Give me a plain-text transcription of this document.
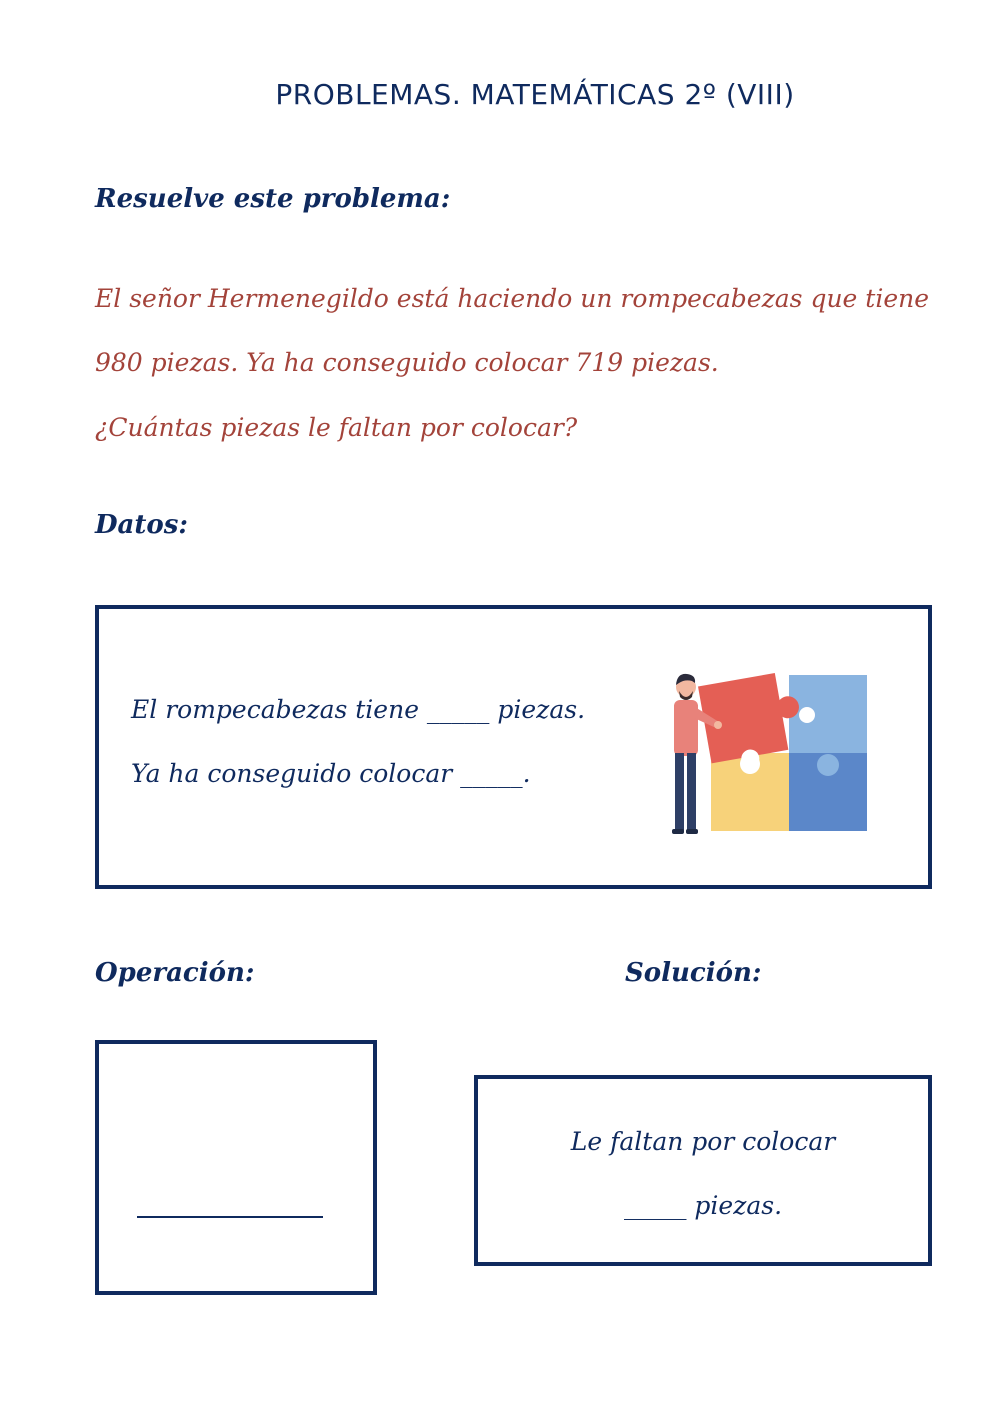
PROBLEMAS. MATEMÁTICAS 2º (VIII)
Resuelve este problema:
El señor Hermenegildo está haciendo un rompecabezas que tiene
980 piezas. Ya ha conseguido colocar 719 piezas.
¿Cuántas piezas le faltan por colocar?
Datos:
El rompecabezas tiene _____ piezas.
Ya ha conseguido colocar _____.
Operación:	Solución:
Le faltan por colocar
_____ piezas.
